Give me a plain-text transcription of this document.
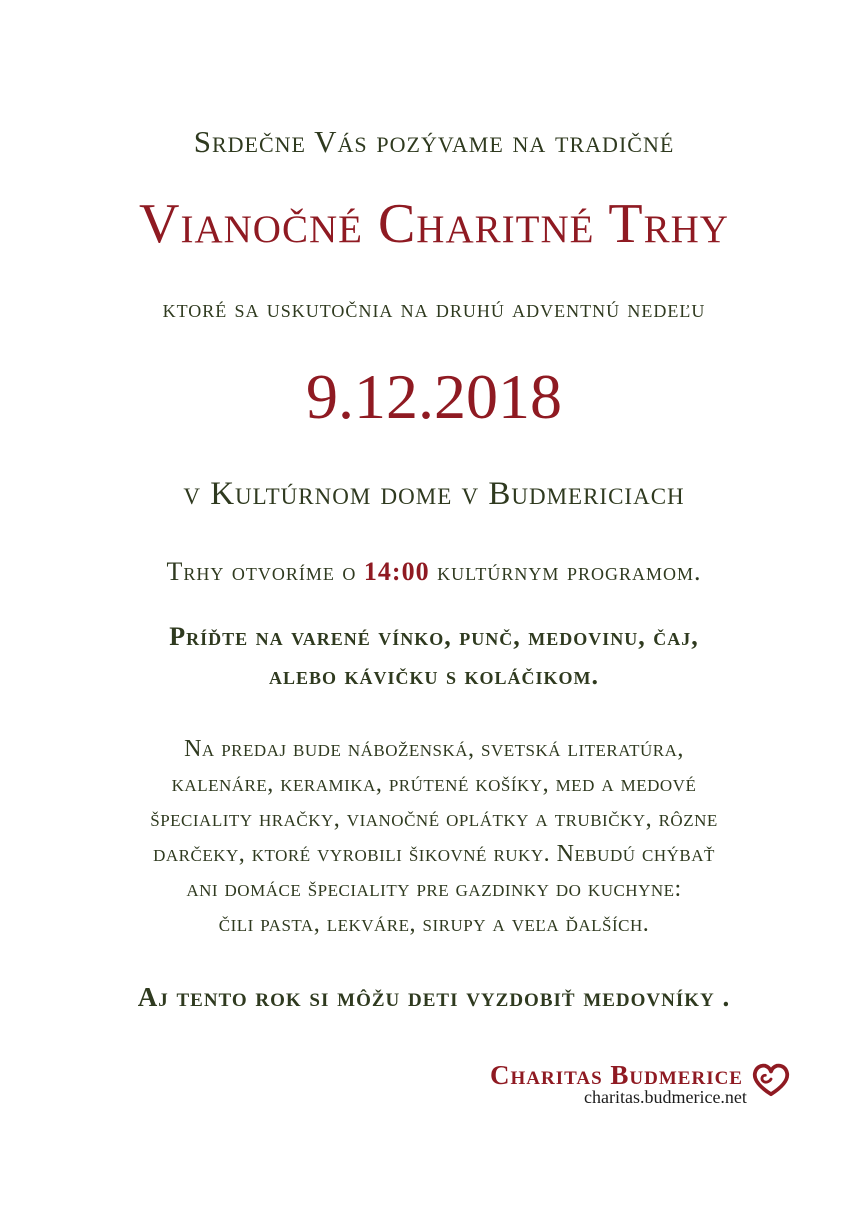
Srdečne Vás pozývame na tradičné

Vianočné Charitné Trhy

ktoré sa uskutočnia na druhú adventnú nedeľu

9.12.2018

v Kultúrnom dome v Budmericiach

Trhy otvoríme o 14:00 kultúrnym programom.

Príďte na varené vínko, punč, medovinu, čaj,

alebo kávičku s koláčikom.

Na predaj bude náboženská, svetská literatúra,
kalenáre, keramika, prútené košíky, med a medové
špeciality hračky, vianočné oplátky a trubičky, rôzne
darčeky, ktoré vyrobili šikovné ruky. Nebudú chýbať
ani domáce špeciality pre gazdinky do kuchyne:
čili pasta, lekváre, sirupy a veľa ďalších.

Aj tento rok si môžu deti vyzdobiť medovníky .

Charitas Budmerice
charitas.budmerice.net
